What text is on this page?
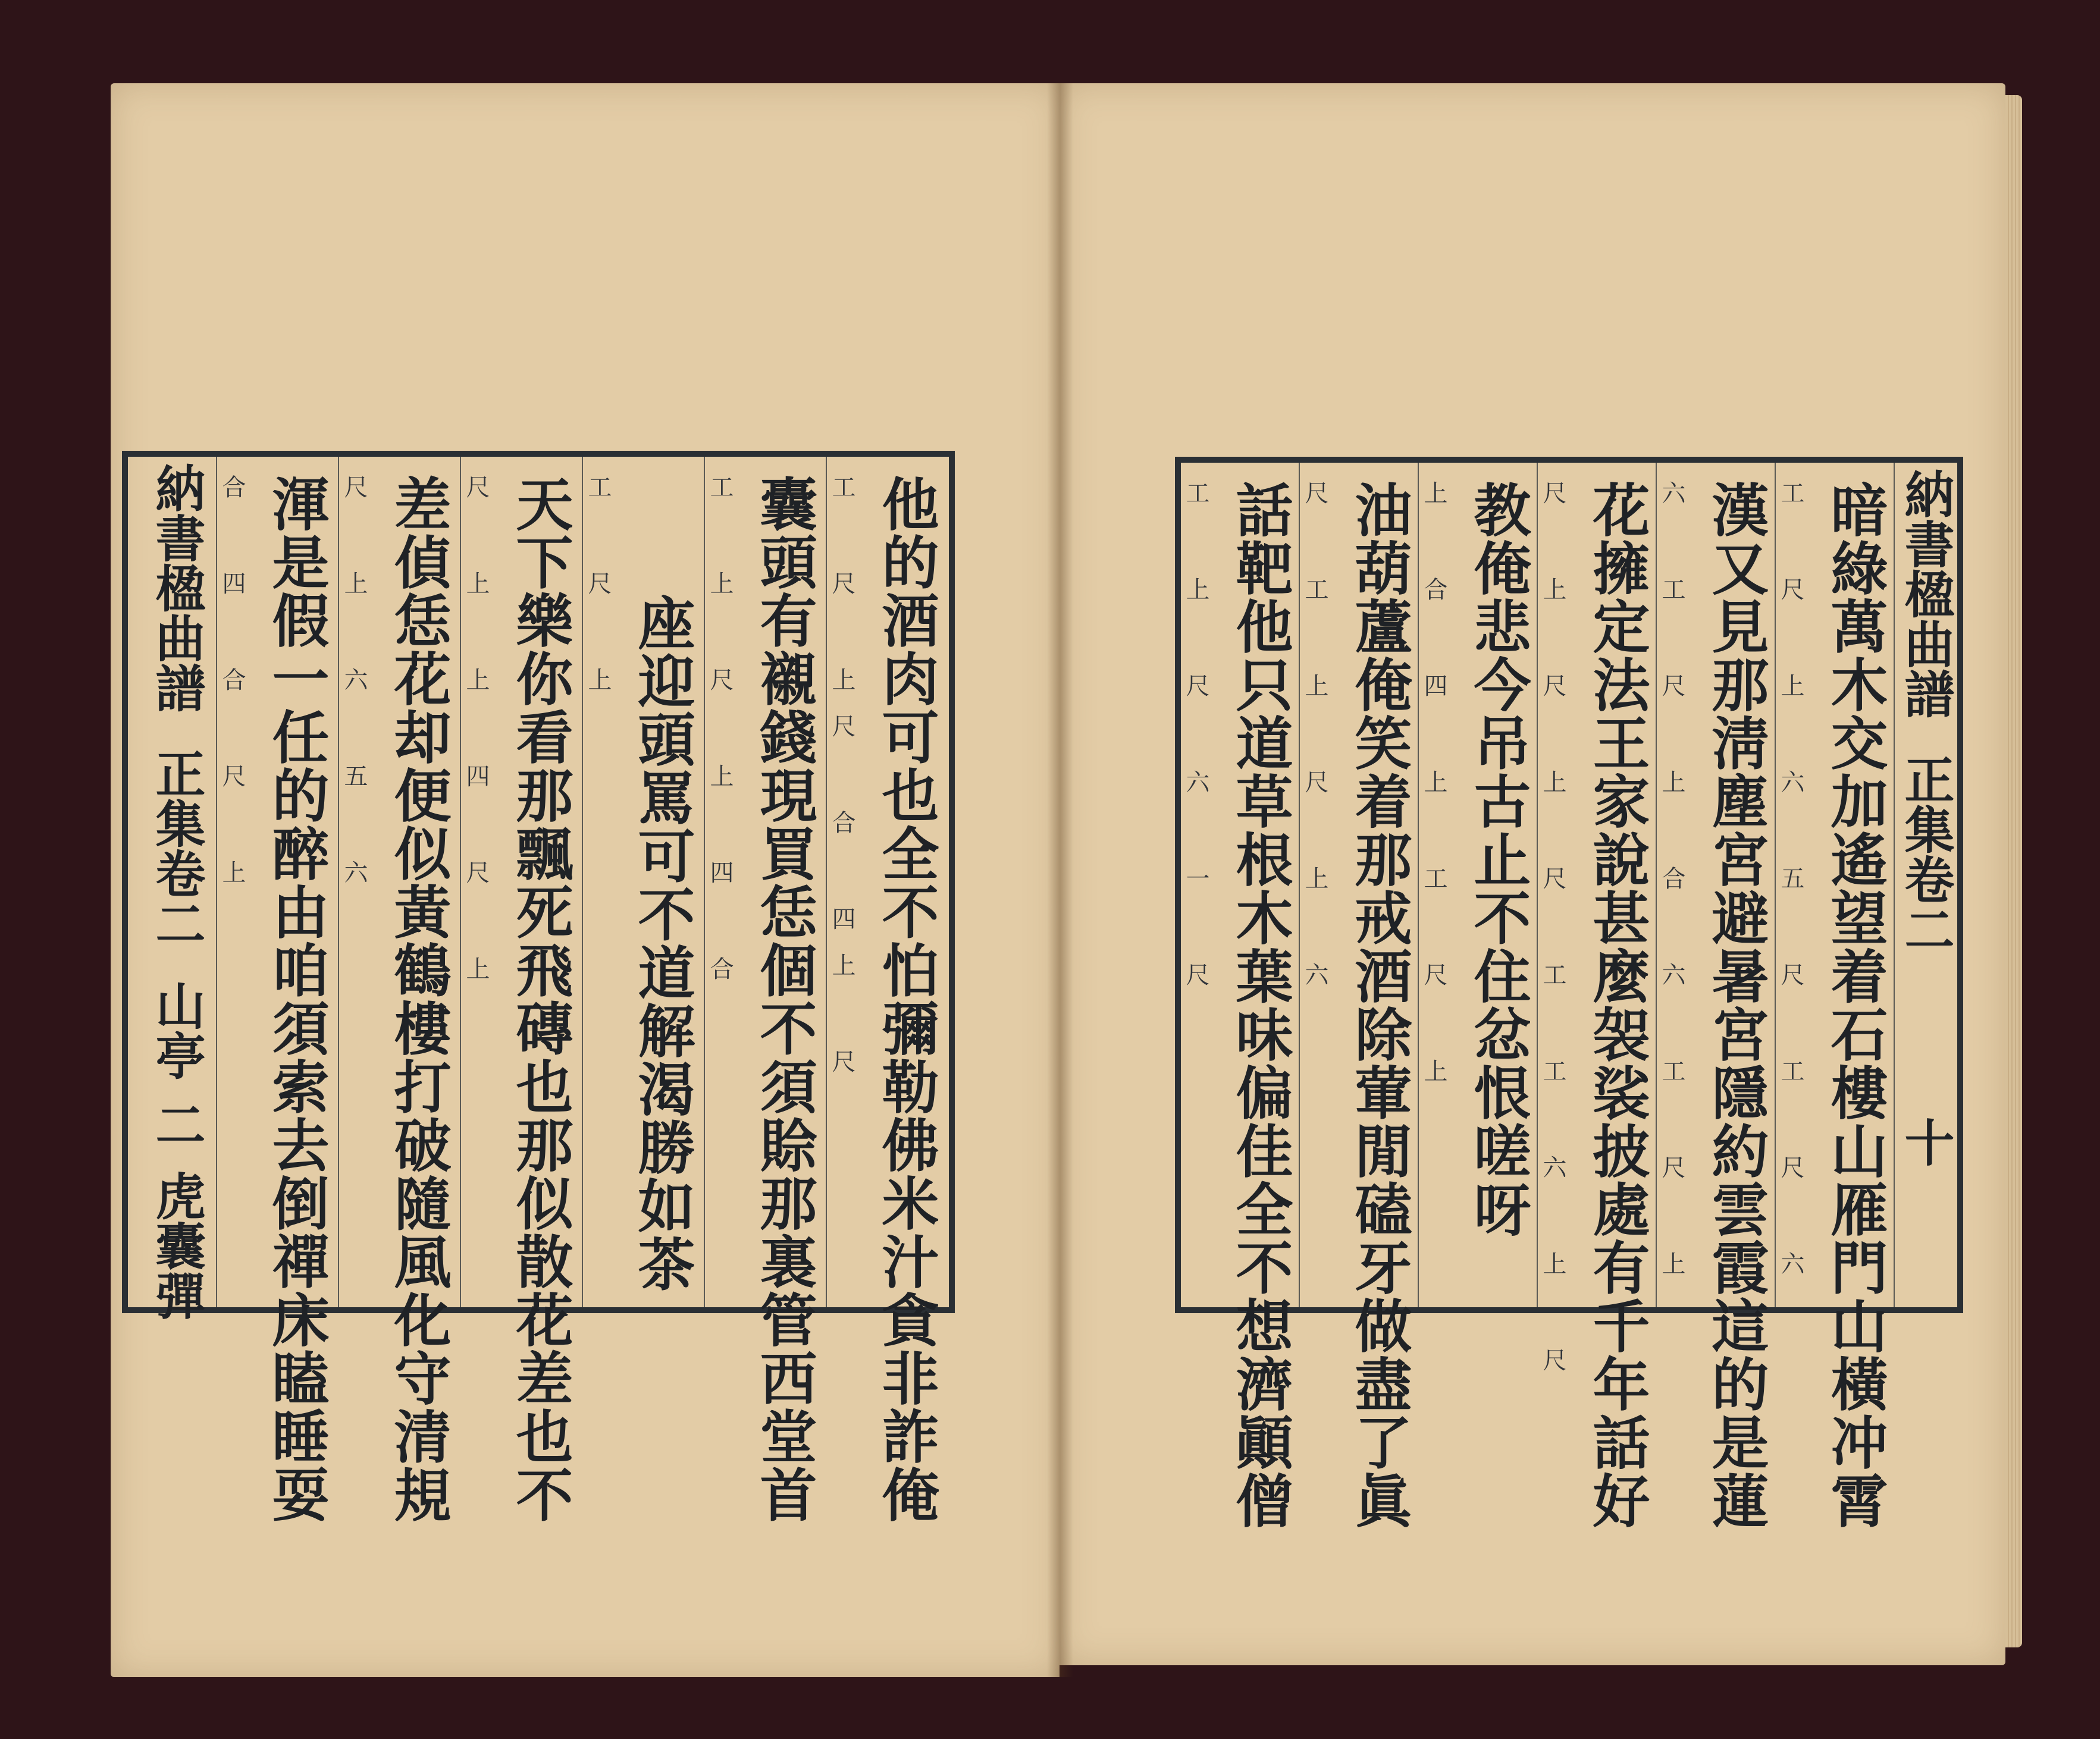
納書楹曲譜
正集卷二
山亭
二
虎囊彈
合 四 合 尺 上 渾是假一任的醉由咱須索去倒禪床瞌睡耍 尺 上 六 五 六 差偵恁花却便似黃鶴樓打破隨風化守清規 尺 上 上 四 尺 上 天下樂你看那飄死飛磚也那似散花差也不 工 尺 上 座迎頭罵可不道解渴勝如茶 工 上 尺 上 四 合 囊頭有襯錢現買恁個不須賒那裏管西堂首 工 尺 上尺 合 四上 尺 他的酒肉可也全不怕彌勒佛米汁貪非詐俺	工 上 尺 六 一 尺 話靶他只道草根木葉味偏佳全不想濟顚僧 尺 工 上 尺 上 六 油葫蘆俺笑着那戒酒除葷閒磕牙做盡了眞 上 合 四 上 工 尺 上 教俺悲今吊古止不住忿恨嗟呀 尺 上 尺 上 尺 工 工 六 上 尺 花擁定法王家說甚麼袈裟披處有千年話好 六 工 尺 上 合 六 工 尺 上 漢又見那淸塵宮避暑宮隱約雲霞這的是蓮 工 尺 上 六 五 尺 工 尺 六 暗綠萬木交加遙望着石樓山雁門山橫冲霄 納書楹曲譜
正集卷二
十
